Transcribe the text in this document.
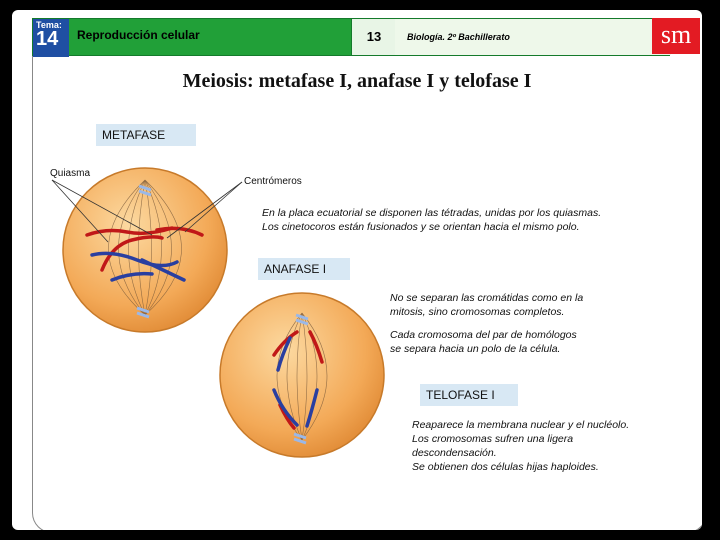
Tema:
14 Reproducción celular	13	Biología. 2º Bachillerato	sm
Meiosis: metafase I, anafase I y telofase I
METAFASE
Quiasma
Centrómeros
En la placa ecuatorial se disponen las tétradas, unidas por los quiasmas.
Los cinetocoros están fusionados y se orientan hacia el mismo polo.
ANAFASE I
No se separan las cromátidas como en la
mitosis, sino cromosomas completos.
Cada cromosoma del par de homólogos
se separa hacia un polo de la célula.
TELOFASE I
Reaparece la membrana nuclear y el nucléolo.
Los cromosomas sufren una ligera
descondensación.
Se obtienen dos células hijas haploides.
